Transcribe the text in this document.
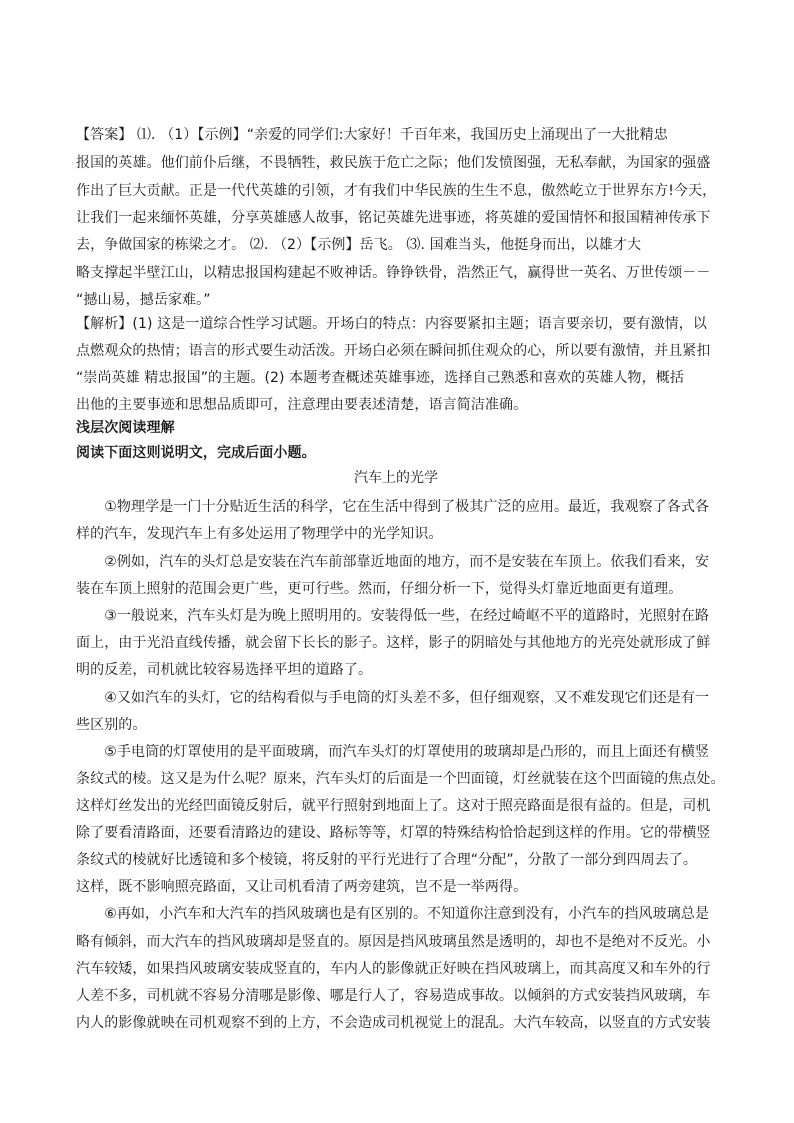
【答案】 ⑴. （1）【示例】“亲爱的同学们:大家好！千百年来，我国历史上涌现出了一大批精忠
报国的英雄。他们前仆后继，不畏牺牲，救民族于危亡之际；他们发愤图强，无私奉献，为国家的强盛
作出了巨大贡献。正是一代代英雄的引领，才有我们中华民族的生生不息，傲然屹立于世界东方!今天，
让我们一起来缅怀英雄，分享英雄感人故事，铭记英雄先进事迹，将英雄的爱国情怀和报国精神传承下
去，争做国家的栋梁之才。 ⑵. （2）【示例】岳飞。 ⑶. 国难当头，他挺身而出，以雄才大
略支撑起半壁江山，以精忠报国构建起不败神话。铮铮铁骨，浩然正气，赢得世一英名、万世传颂－－
“撼山易，撼岳家难。”
【解析】(1) 这是一道综合性学习试题。开场白的特点：内容要紧扣主题；语言要亲切，要有激情，以
点燃观众的热情；语言的形式要生动活泼。开场白必须在瞬间抓住观众的心，所以要有激情，并且紧扣
“崇尚英雄 精忠报国”的主题。(2) 本题考查概述英雄事迹，选择自己熟悉和喜欢的英雄人物，概括
出他的主要事迹和思想品质即可，注意理由要表述清楚，语言简洁准确。
浅层次阅读理解
阅读下面这则说明文，完成后面小题。
汽车上的光学
　　①物理学是一门十分贴近生活的科学，它在生活中得到了极其广泛的应用。最近，我观察了各式各
样的汽车，发现汽车上有多处运用了物理学中的光学知识。
　　②例如，汽车的头灯总是安装在汽车前部靠近地面的地方，而不是安装在车顶上。依我们看来，安
装在车顶上照射的范围会更广些，更可行些。然而，仔细分析一下，觉得头灯靠近地面更有道理。
　　③一般说来，汽车头灯是为晚上照明用的。安装得低一些，在经过崎岖不平的道路时，光照射在路
面上，由于光沿直线传播，就会留下长长的影子。这样，影子的阴暗处与其他地方的光亮处就形成了鲜
明的反差，司机就比较容易选择平坦的道路了。
　　④又如汽车的头灯，它的结构看似与手电筒的灯头差不多，但仔细观察，又不难发现它们还是有一
些区别的。
　　⑤手电筒的灯罩使用的是平面玻璃，而汽车头灯的灯罩使用的玻璃却是凸形的，而且上面还有横竖
条纹式的棱。这又是为什么呢？原来，汽车头灯的后面是一个凹面镜，灯丝就装在这个凹面镜的焦点处。
这样灯丝发出的光经凹面镜反射后，就平行照射到地面上了。这对于照亮路面是很有益的。但是，司机
除了要看清路面，还要看清路边的建设、路标等等，灯罩的特殊结构恰恰起到这样的作用。它的带横竖
条纹式的棱就好比透镜和多个棱镜，将反射的平行光进行了合理“分配”，分散了一部分到四周去了。
这样，既不影响照亮路面，又让司机看清了两旁建筑，岂不是一举两得。
　　⑥再如，小汽车和大汽车的挡风玻璃也是有区别的。不知道你注意到没有，小汽车的挡风玻璃总是
略有倾斜，而大汽车的挡风玻璃却是竖直的。原因是挡风玻璃虽然是透明的，却也不是绝对不反光。小
汽车较矮，如果挡风玻璃安装成竖直的，车内人的影像就正好映在挡风玻璃上，而其高度又和车外的行
人差不多，司机就不容易分清哪是影像、哪是行人了，容易造成事故。以倾斜的方式安装挡风玻璃，车
内人的影像就映在司机观察不到的上方，不会造成司机视觉上的混乱。大汽车较高，以竖直的方式安装
